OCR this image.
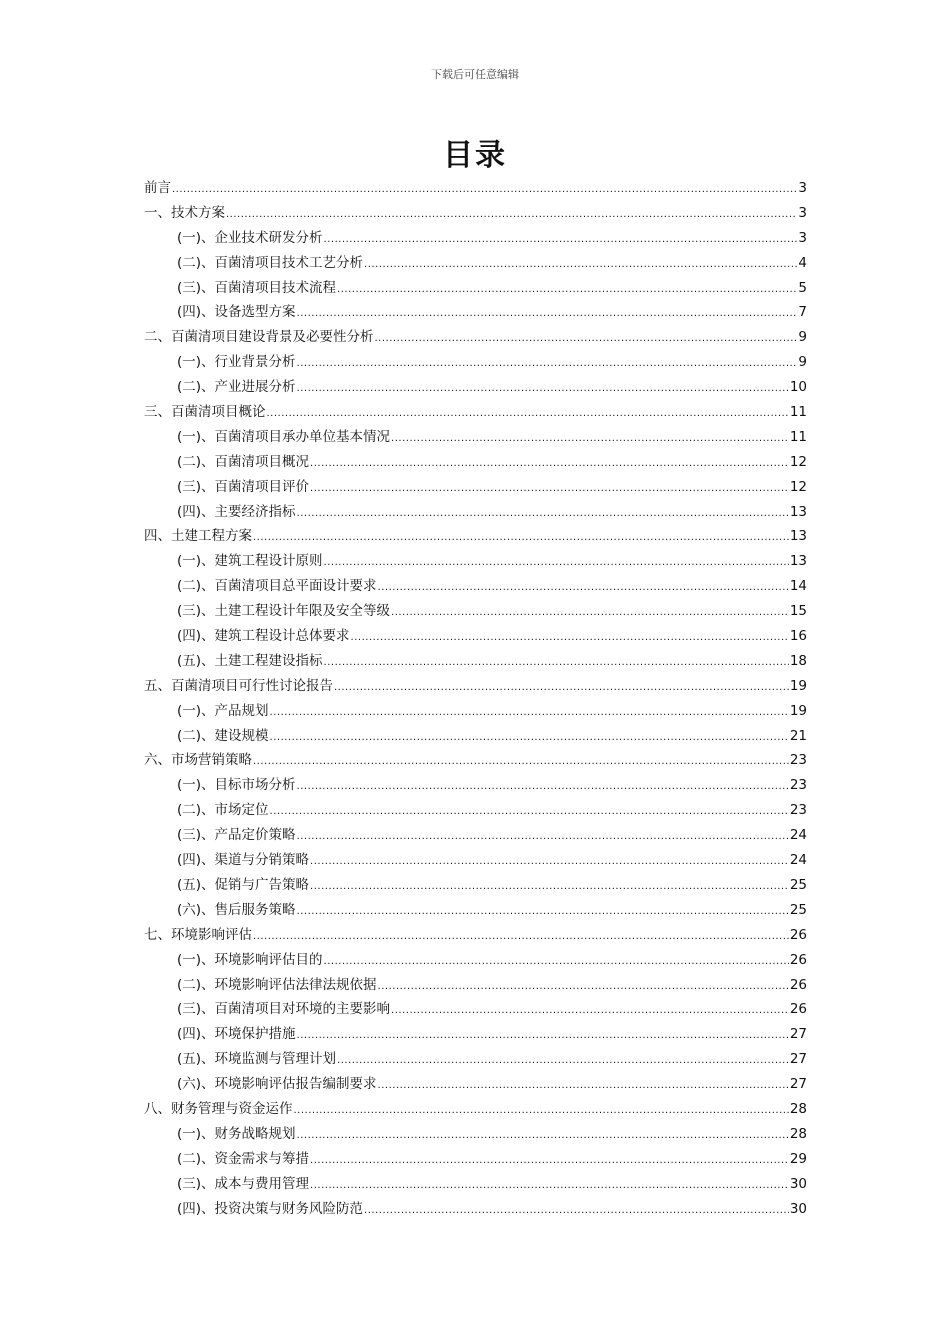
下载后可任意编辑
目录
前言 .....	3
一、技术方案 .....	3
(一)、企业技术研发分析 .....	3
(二)、百菌清项目技术工艺分析 .....	4
(三)、百菌清项目技术流程 .....	5
(四)、设备选型方案 .....	7
二、百菌清项目建设背景及必要性分析 .....	9
(一)、行业背景分析 .....	9
(二)、产业进展分析 .....	10
三、百菌清项目概论 .....	11
(一)、百菌清项目承办单位基本情况 .....	11
(二)、百菌清项目概况 .....	12
(三)、百菌清项目评价 .....	12
(四)、主要经济指标 .....	13
四、土建工程方案 .....	13
(一)、建筑工程设计原则 .....	13
(二)、百菌清项目总平面设计要求 .....	14
(三)、土建工程设计年限及安全等级 .....	15
(四)、建筑工程设计总体要求 .....	16
(五)、土建工程建设指标 .....	18
五、百菌清项目可行性讨论报告 .....	19
(一)、产品规划 .....	19
(二)、建设规模 .....	21
六、市场营销策略 .....	23
(一)、目标市场分析 .....	23
(二)、市场定位 .....	23
(三)、产品定价策略 .....	24
(四)、渠道与分销策略 .....	24
(五)、促销与广告策略 .....	25
(六)、售后服务策略 .....	25
七、环境影响评估 .....	26
(一)、环境影响评估目的 .....	26
(二)、环境影响评估法律法规依据 .....	26
(三)、百菌清项目对环境的主要影响 .....	26
(四)、环境保护措施 .....	27
(五)、环境监测与管理计划 .....	27
(六)、环境影响评估报告编制要求 .....	27
八、财务管理与资金运作 .....	28
(一)、财务战略规划 .....	28
(二)、资金需求与筹措 .....	29
(三)、成本与费用管理 .....	30
(四)、投资决策与财务风险防范 .....	30
